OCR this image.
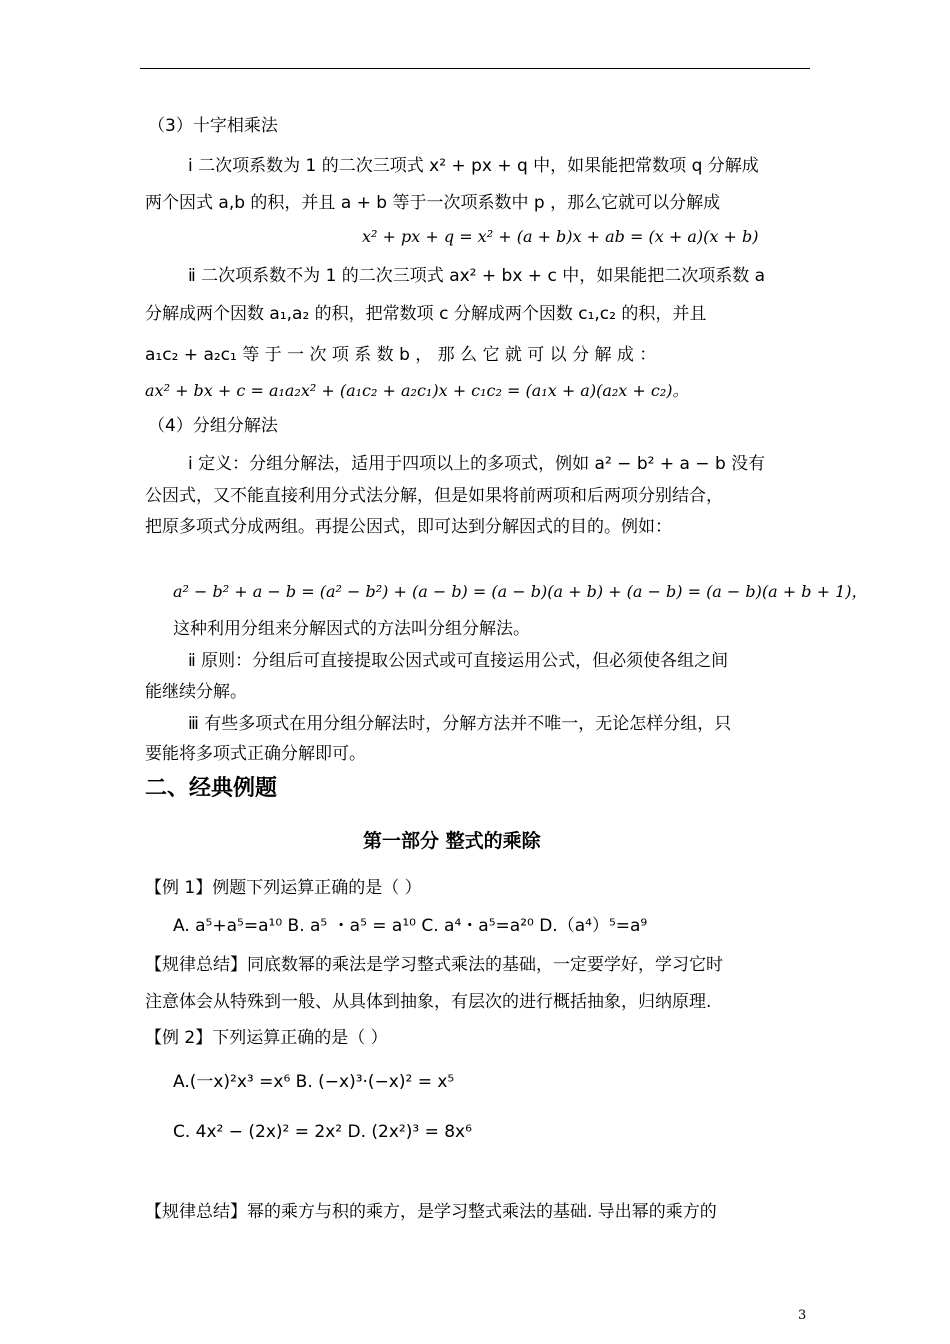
（3）十字相乘法
ⅰ 二次项系数为 1 的二次三项式 x² + px + q 中，如果能把常数项 q 分解成
两个因式 a,b 的积，并且 a + b 等于一次项系数中 p ，那么它就可以分解成
x² + px + q = x² + (a + b)x + ab = (x + a)(x + b)
ⅱ 二次项系数不为 1 的二次三项式 ax² + bx + c 中，如果能把二次项系数 a
分解成两个因数 a₁,a₂ 的积，把常数项 c 分解成两个因数 c₁,c₂ 的积，并且
a₁c₂ + a₂c₁ 等 于 一 次 项 系 数 b ， 那 么 它 就 可 以 分 解 成 ：
ax² + bx + c = a₁a₂x² + (a₁c₂ + a₂c₁)x + c₁c₂ = (a₁x + a)(a₂x + c₂)。
（4）分组分解法
ⅰ 定义：分组分解法，适用于四项以上的多项式，例如 a² − b² + a − b 没有
公因式，又不能直接利用分式法分解，但是如果将前两项和后两项分别结合，
把原多项式分成两组。再提公因式，即可达到分解因式的目的。例如：
a² − b² + a − b = (a² − b²) + (a − b) = (a − b)(a + b) + (a − b) = (a − b)(a + b + 1)，
这种利用分组来分解因式的方法叫分组分解法。
ⅱ 原则：分组后可直接提取公因式或可直接运用公式，但必须使各组之间
能继续分解。
ⅲ 有些多项式在用分组分解法时，分解方法并不唯一，无论怎样分组，只
要能将多项式正确分解即可。
二、经典例题
第一部分 整式的乘除
【例 1】例题下列运算正确的是（ ）
A. a⁵+a⁵=a¹⁰ B. a⁵ ・a⁵ = a¹⁰ C. a⁴・a⁵=a²⁰ D.（a⁴）⁵=a⁹
【规律总结】同底数幂的乘法是学习整式乘法的基础，一定要学好，学习它时
注意体会从特殊到一般、从具体到抽象，有层次的进行概括抽象，归纳原理.
【例 2】下列运算正确的是（ ）
A.(一x)²x³ =x⁶ B. (−x)³·(−x)² = x⁵
C. 4x² − (2x)² = 2x² D. (2x²)³ = 8x⁶
【规律总结】幂的乘方与积的乘方，是学习整式乘法的基础. 导出幂的乘方的
3
